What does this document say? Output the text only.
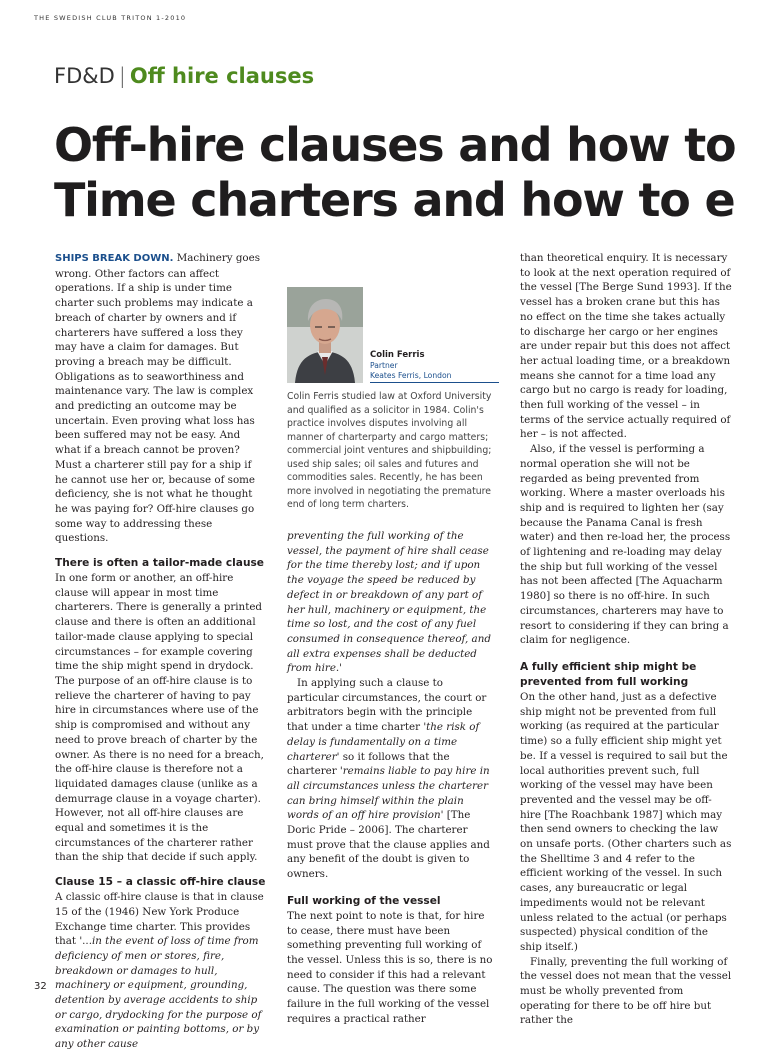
THE SWEDISH CLUB TRITON 1-2010
FD&D | Off hire clauses
Off-hire clauses and how to
Time charters and how to e

SHIPS BREAK DOWN. Machinery goes wrong. Other factors can affect operations. If a ship is under time charter such problems may indicate a breach of charter by owners and if charterers have suffered a loss they may have a claim for damages. But proving a breach may be difficult. Obligations as to seaworthiness and maintenance vary. The law is complex and predicting an outcome may be uncertain. Even proving what loss has been suffered may not be easy. And what if a breach cannot be proven? Must a charterer still pay for a ship if he cannot use her or, because of some deficiency, she is not what he thought he was paying for? Off-hire clauses go some way to addressing these questions.

There is often a tailor-made clause

In one form or another, an off-hire clause will appear in most time charterers. There is generally a printed clause and there is often an additional tailor-made clause applying to special circumstances – for example covering time the ship might spend in drydock. The purpose of an off-hire clause is to relieve the charterer of having to pay hire in circumstances where use of the ship is compromised and without any need to prove breach of charter by the owner. As there is no need for a breach, the off-hire clause is therefore not a liquidated damages clause (unlike as a demurrage clause in a voyage charter). However, not all off-hire clauses are equal and sometimes it is the circumstances of the charterer rather than the ship that decide if such apply.

Clause 15 – a classic off-hire clause

A classic off-hire clause is that in clause 15 of the (1946) New York Produce Exchange time charter. This provides that '...in the event of loss of time from deficiency of men or stores, fire, breakdown or damages to hull, machinery or equipment, grounding, detention by average accidents to ship or cargo, drydocking for the purpose of examination or painting bottoms, or by any other cause

Colin Ferris
Partner
Keates Ferris, London

Colin Ferris studied law at Oxford University and qualified as a solicitor in 1984. Colin's practice involves disputes involving all manner of charterparty and cargo matters; commercial joint ventures and shipbuilding; used ship sales; oil sales and futures and commodities sales. Recently, he has been more involved in negotiating the premature end of long term charters.

preventing the full working of the vessel, the payment of hire shall cease for the time thereby lost; and if upon the voyage the speed be reduced by defect in or breakdown of any part of her hull, machinery or equipment, the time so lost, and the cost of any fuel consumed in consequence thereof, and all extra expenses shall be deducted from hire.'

In applying such a clause to particular circumstances, the court or arbitrators begin with the principle that under a time charter 'the risk of delay is fundamentally on a time charterer' so it follows that the charterer 'remains liable to pay hire in all circumstances unless the charterer can bring himself within the plain words of an off hire provision' [The Doric Pride – 2006]. The charterer must prove that the clause applies and any benefit of the doubt is given to owners.

Full working of the vessel

The next point to note is that, for hire to cease, there must have been something preventing full working of the vessel. Unless this is so, there is no need to consider if this had a relevant cause. The question was there some failure in the full working of the vessel requires a practical rather

than theoretical enquiry. It is necessary to look at the next operation required of the vessel [The Berge Sund 1993]. If the vessel has a broken crane but this has no effect on the time she takes actually to discharge her cargo or her engines are under repair but this does not affect her actual loading time, or a breakdown means she cannot for a time load any cargo but no cargo is ready for loading, then full working of the vessel – in terms of the service actually required of her – is not affected.

Also, if the vessel is performing a normal operation she will not be regarded as being prevented from working. Where a master overloads his ship and is required to lighten her (say because the Panama Canal is fresh water) and then re-load her, the process of lightening and re-loading may delay the ship but full working of the vessel has not been affected [The Aquacharm 1980] so there is no off-hire. In such circumstances, charterers may have to resort to considering if they can bring a claim for negligence.

A fully efficient ship might be prevented from full working

On the other hand, just as a defective ship might not be prevented from full working (as required at the particular time) so a fully efficient ship might yet be. If a vessel is required to sail but the local authorities prevent such, full working of the vessel may have been prevented and the vessel may be off-hire [The Roachbank 1987] which may then send owners to checking the law on unsafe ports. (Other charters such as the Shelltime 3 and 4 refer to the efficient working of the vessel. In such cases, any bureaucratic or legal impediments would not be relevant unless related to the actual (or perhaps suspected) physical condition of the ship itself.)

Finally, preventing the full working of the vessel does not mean that the vessel must be wholly prevented from operating for there to be off hire but rather the

32
